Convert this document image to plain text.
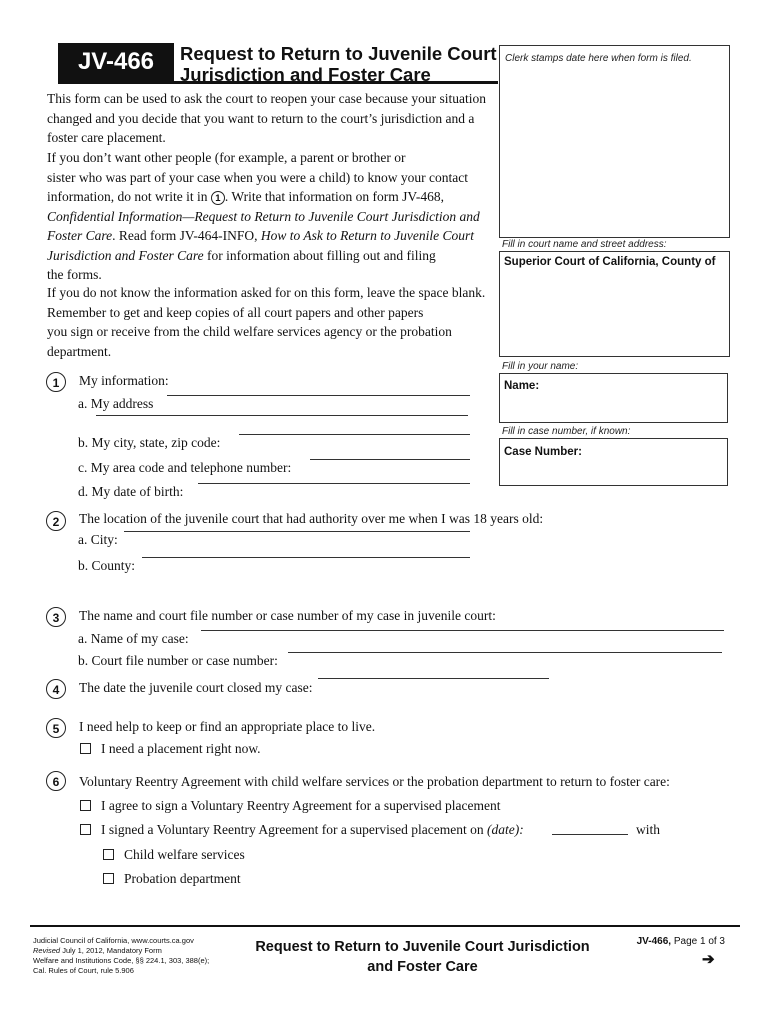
JV-466	Request to Return to Juvenile Court
Jurisdiction and Foster Care
Clerk stamps date here when form is filed.
Fill in court name and street address:
Superior Court of California, County of
Fill in your name:
Name:
Fill in case number, if known:
Case Number:
This form can be used to ask the court to reopen your case because your situation
changed and you decide that you want to return to the court’s jurisdiction and a
foster care placement.
If you don’t want other people (for example, a parent or brother or
sister who was part of your case when you were a child) to know your contact
information, do not write it in 1 . Write that information on form JV-468,
Confidential Information—Request to Return to Juvenile Court Jurisdiction and
Foster Care. Read form JV-464-INFO, How to Ask to Return to Juvenile Court
Jurisdiction and Foster Care for information about filling out and filing
the forms.
If you do not know the information asked for on this form, leave the space blank.
Remember to get and keep copies of all court papers and other papers
you sign or receive from the child welfare services agency or the probation
department.
1	My information:
a. My address
b. My city, state, zip code:
c. My area code and telephone number:
d. My date of birth:
2	The location of the juvenile court that had authority over me when I was 18 years old:
a. City:
b. County:
3	The name and court file number or case number of my case in juvenile court:
a. Name of my case:
b. Court file number or case number:
4	The date the juvenile court closed my case:
5	I need help to keep or find an appropriate place to live.
I need a placement right now.
6	Voluntary Reentry Agreement with child welfare services or the probation department to return to foster care:
I agree to sign a Voluntary Reentry Agreement for a supervised placement
I signed a Voluntary Reentry Agreement for a supervised placement on (date):	with
Child welfare services
Probation department
Judicial Council of California, www.courts.ca.gov
Revised July 1, 2012, Mandatory Form
Welfare and Institutions Code, §§ 224.1, 303, 388(e);
Cal. Rules of Court, rule 5.906
Request to Return to Juvenile Court Jurisdiction
and Foster Care
JV-466, Page 1 of 3
➔
